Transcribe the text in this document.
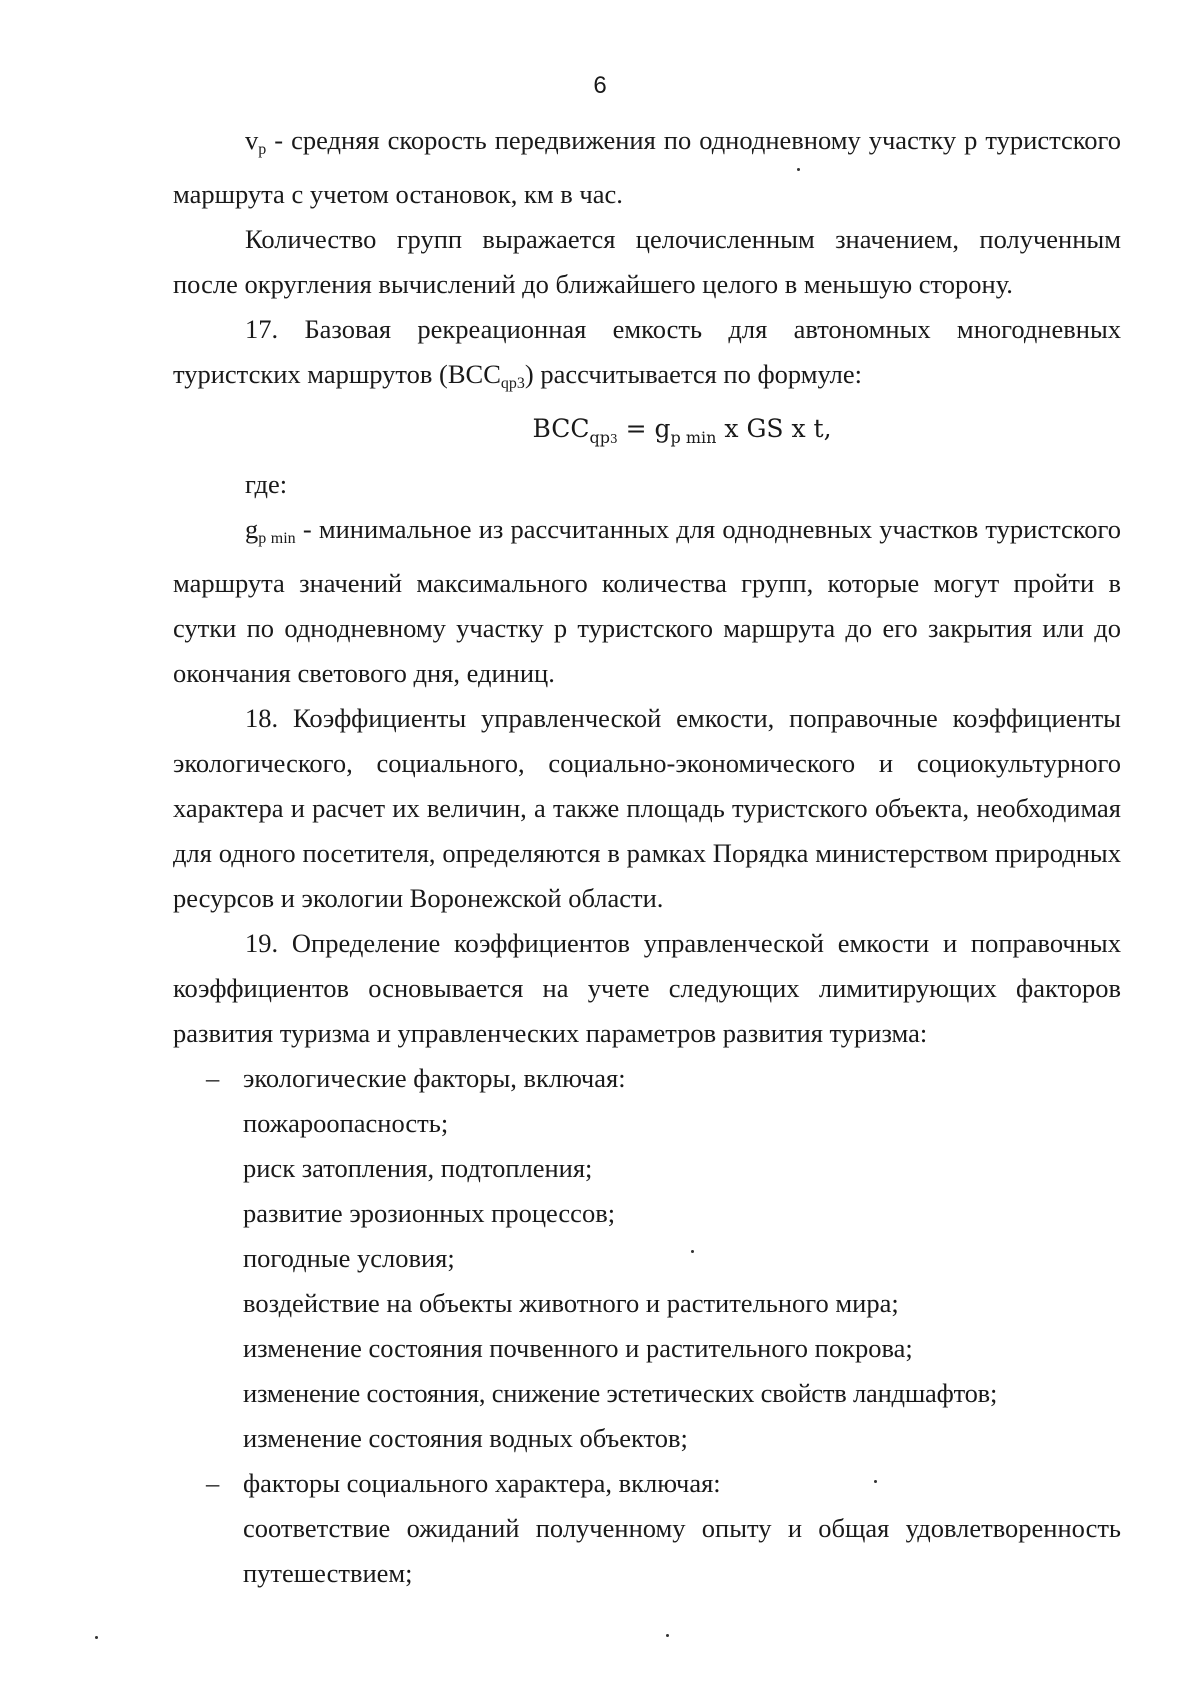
6

vp - средняя скорость передвижения по однодневному участку p туристского маршрута с учетом остановок, км в час.

Количество групп выражается целочисленным значением, полученным после округления вычислений до ближайшего целого в меньшую сторону.

17. Базовая рекреационная емкость для автономных многодневных туристских маршрутов (BCCqр3) рассчитывается по формуле:

$BCC_{qр3} = g_{p min}$ x GS x t,

где:

gp min - минимальное из рассчитанных для однодневных участков туристского маршрута значений максимального количества групп, которые могут пройти в сутки по однодневному участку p туристского маршрута до его закрытия или до окончания светового дня, единиц.

18. Коэффициенты управленческой емкости, поправочные коэффициенты экологического, социального, социально-экономического и социокультурного характера и расчет их величин, а также площадь туристского объекта, необходимая для одного посетителя, определяются в рамках Порядка министерством природных ресурсов и экологии Воронежской области.

19. Определение коэффициентов управленческой емкости и поправочных коэффициентов основывается на учете следующих лимитирующих факторов развития туризма и управленческих параметров развития туризма:

– экологические факторы, включая:

пожароопасность;

риск затопления, подтопления;

развитие эрозионных процессов;

погодные условия;

воздействие на объекты животного и растительного мира;

изменение состояния почвенного и растительного покрова;

изменение состояния, снижение эстетических свойств ландшафтов;

изменение состояния водных объектов;

– факторы социального характера, включая:

соответствие ожиданий полученному опыту и общая удовлетворенность путешествием;
